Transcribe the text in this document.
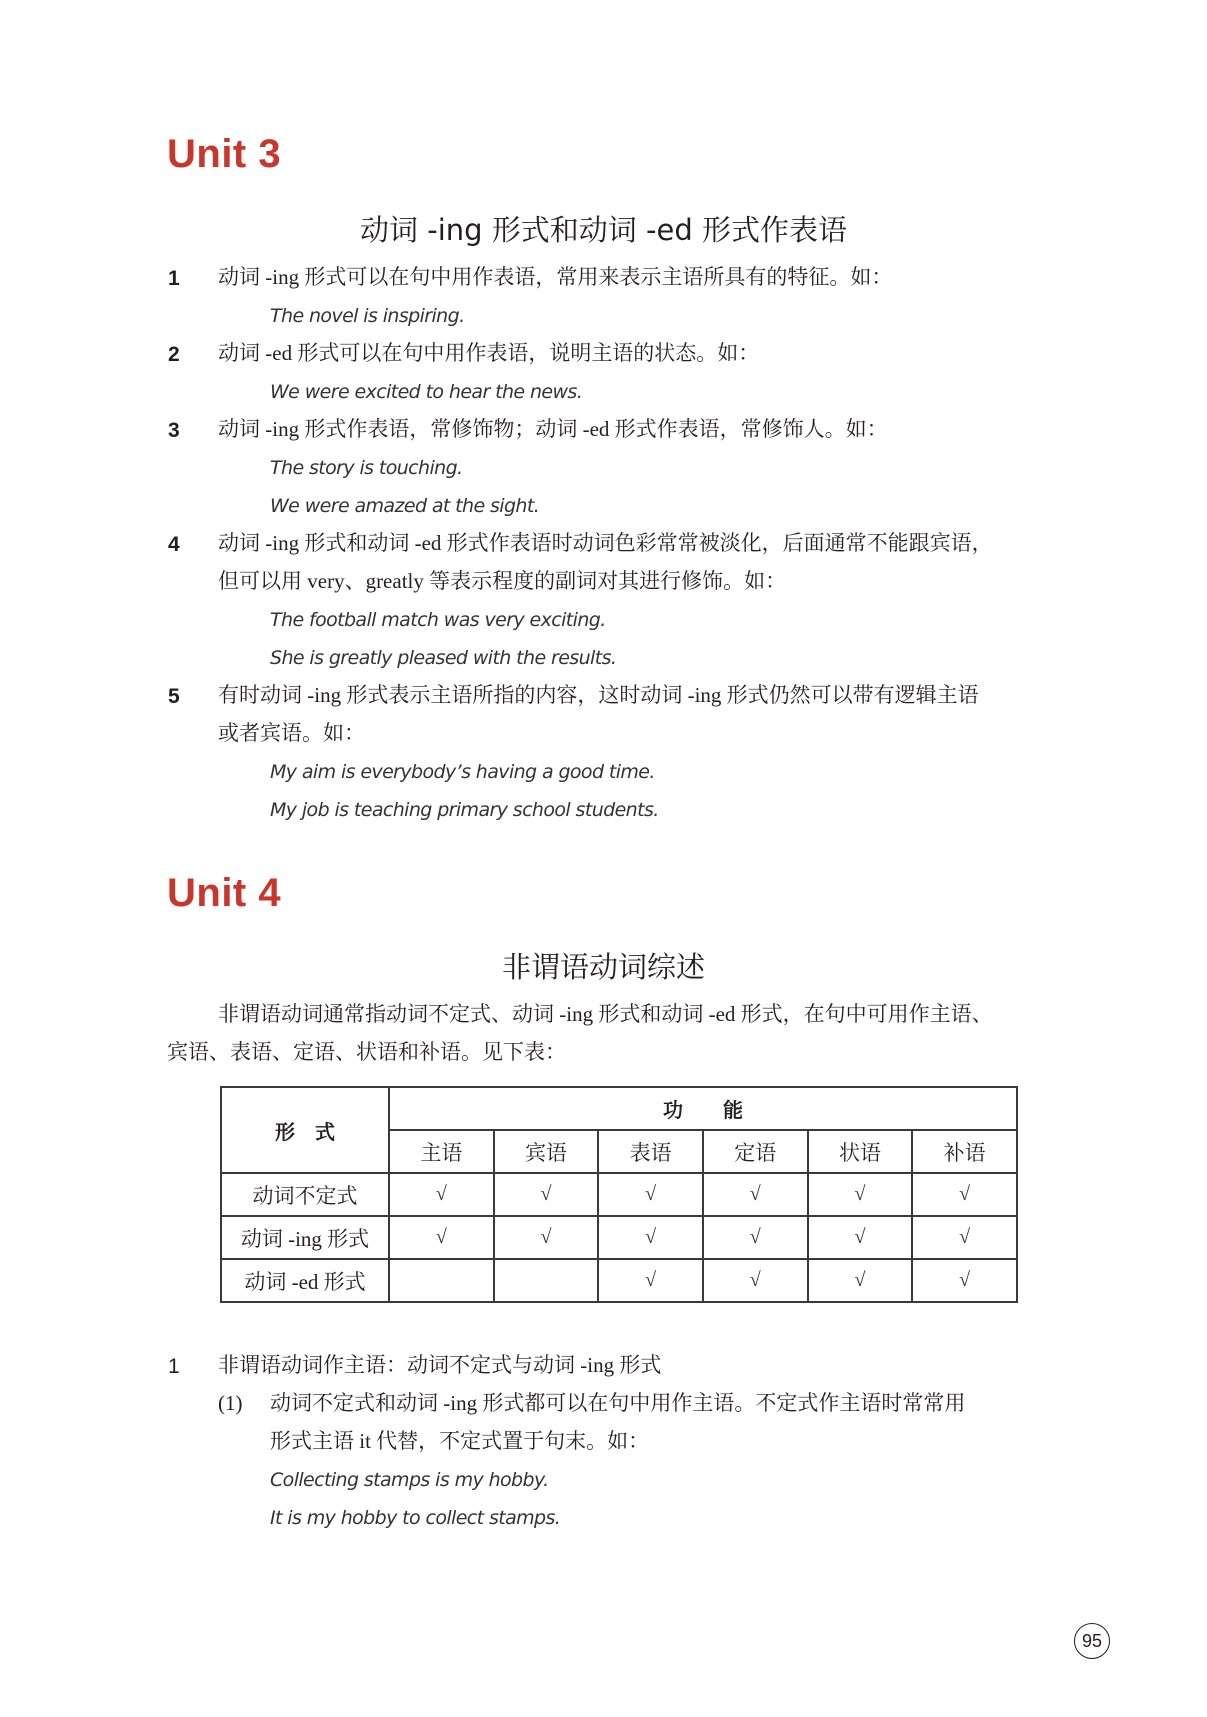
Unit 3
动词 -ing 形式和动词 -ed 形式作表语
1 动词 -ing 形式可以在句中用作表语，常用来表示主语所具有的特征。如：
The novel is inspiring.
2 动词 -ed 形式可以在句中用作表语，说明主语的状态。如：
We were excited to hear the news.
3 动词 -ing 形式作表语，常修饰物；动词 -ed 形式作表语，常修饰人。如：
The story is touching.
We were amazed at the sight.
4 动词 -ing 形式和动词 -ed 形式作表语时动词色彩常常被淡化，后面通常不能跟宾语，
但可以用 very、greatly 等表示程度的副词对其进行修饰。如：
The football match was very exciting.
She is greatly pleased with the results.
5 有时动词 -ing 形式表示主语所指的内容，这时动词 -ing 形式仍然可以带有逻辑主语
或者宾语。如：
My aim is everybody’s having a good time.
My job is teaching primary school students.
Unit 4
非谓语动词综述
非谓语动词通常指动词不定式、动词 -ing 形式和动词 -ed 形式，在句中可用作主语、
宾语、表语、定语、状语和补语。见下表：
形　式	功　　能					
	主语	宾语	表语	定语	状语	补语
动词不定式	√	√	√	√	√	√
动词 -ing 形式	√	√	√	√	√	√
动词 -ed 形式			√	√	√	√
1 非谓语动词作主语：动词不定式与动词 -ing 形式
(1) 动词不定式和动词 -ing 形式都可以在句中用作主语。不定式作主语时常常用
形式主语 it 代替，不定式置于句末。如：
Collecting stamps is my hobby.
It is my hobby to collect stamps.
95
